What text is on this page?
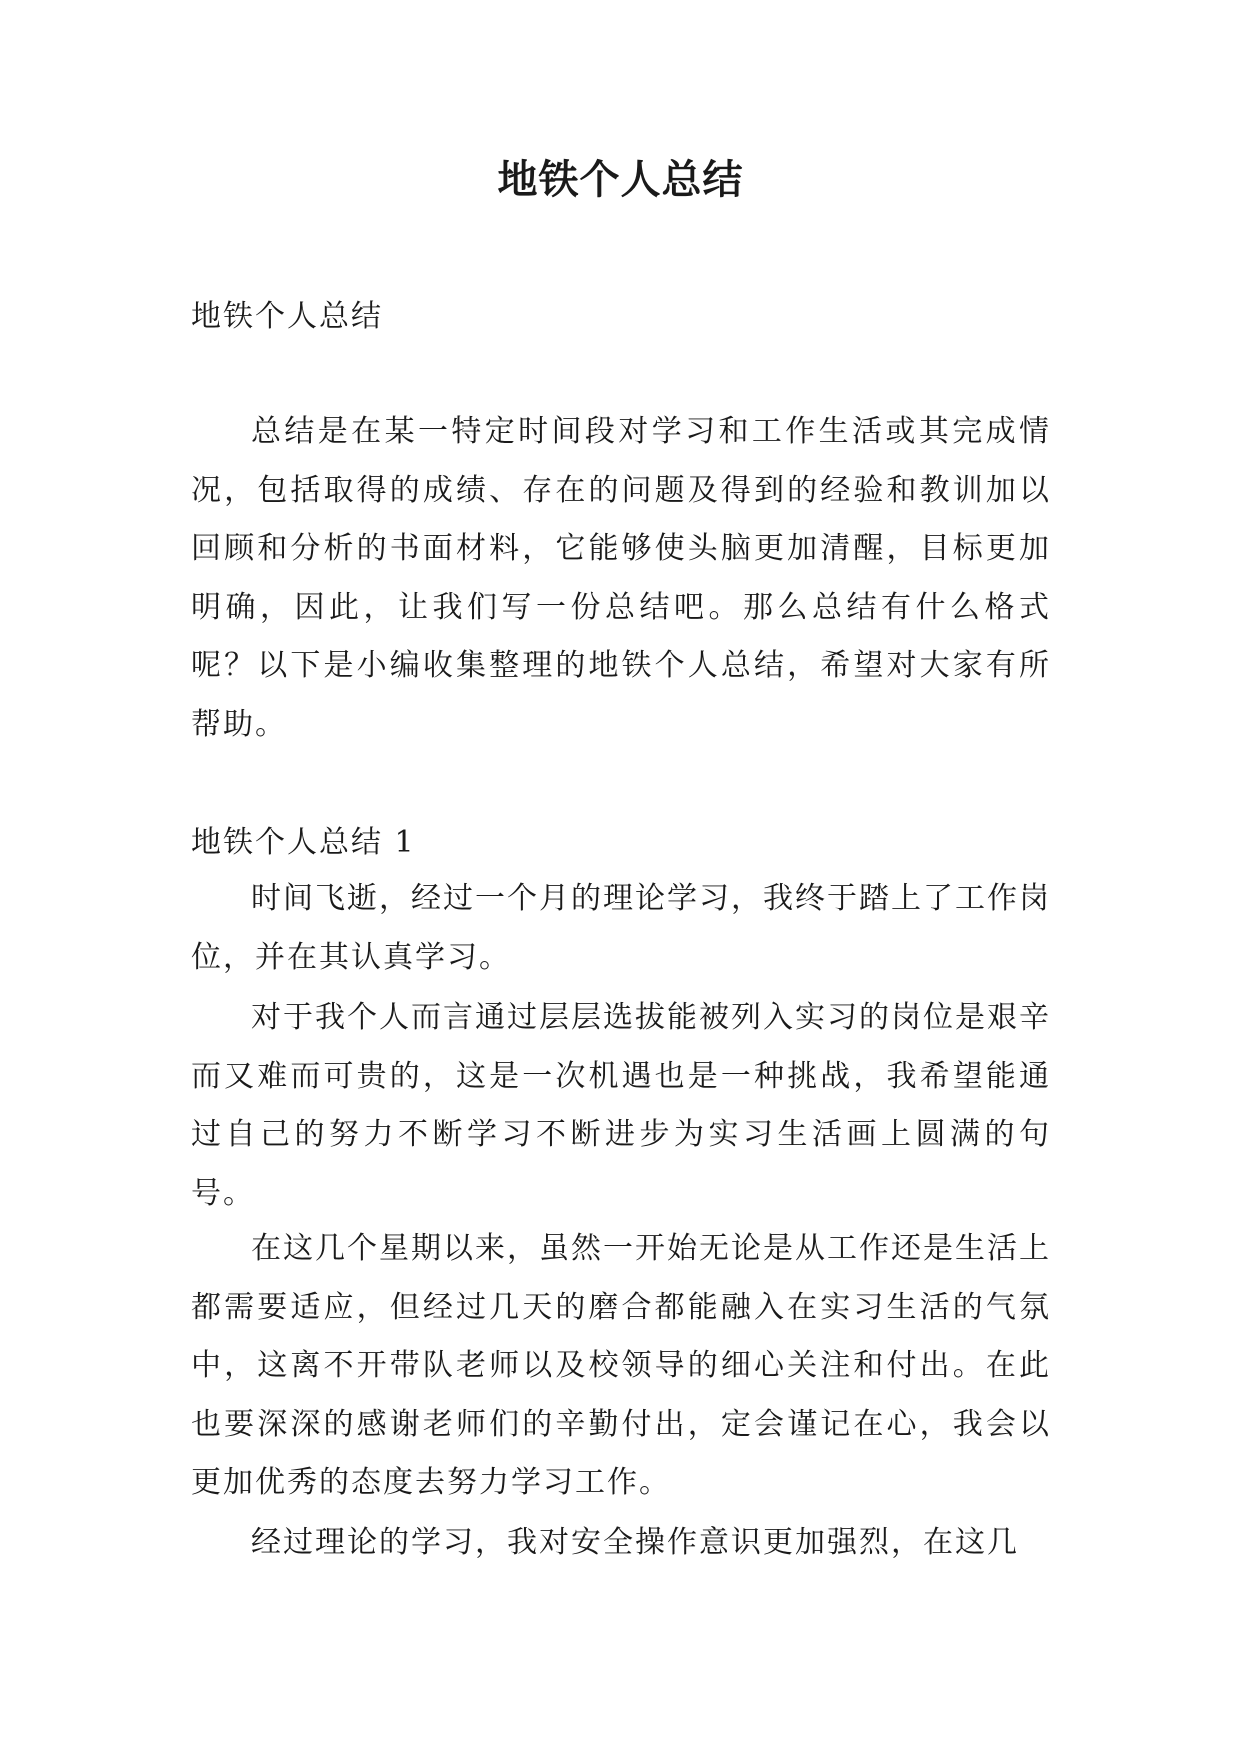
地铁个人总结

地铁个人总结

总结是在某一特定时间段对学习和工作生活或其完成情况，包括取得的成绩、存在的问题及得到的经验和教训加以回顾和分析的书面材料，它能够使头脑更加清醒，目标更加明确，因此，让我们写一份总结吧。那么总结有什么格式呢？以下是小编收集整理的地铁个人总结，希望对大家有所帮助。

地铁个人总结 1

时间飞逝，经过一个月的理论学习，我终于踏上了工作岗位，并在其认真学习。

对于我个人而言通过层层选拔能被列入实习的岗位是艰辛而又难而可贵的，这是一次机遇也是一种挑战，我希望能通过自己的努力不断学习不断进步为实习生活画上圆满的句号。

在这几个星期以来，虽然一开始无论是从工作还是生活上都需要适应，但经过几天的磨合都能融入在实习生活的气氛中，这离不开带队老师以及校领导的细心关注和付出。在此也要深深的感谢老师们的辛勤付出，定会谨记在心，我会以更加优秀的态度去努力学习工作。

经过理论的学习，我对安全操作意识更加强烈，在这几
